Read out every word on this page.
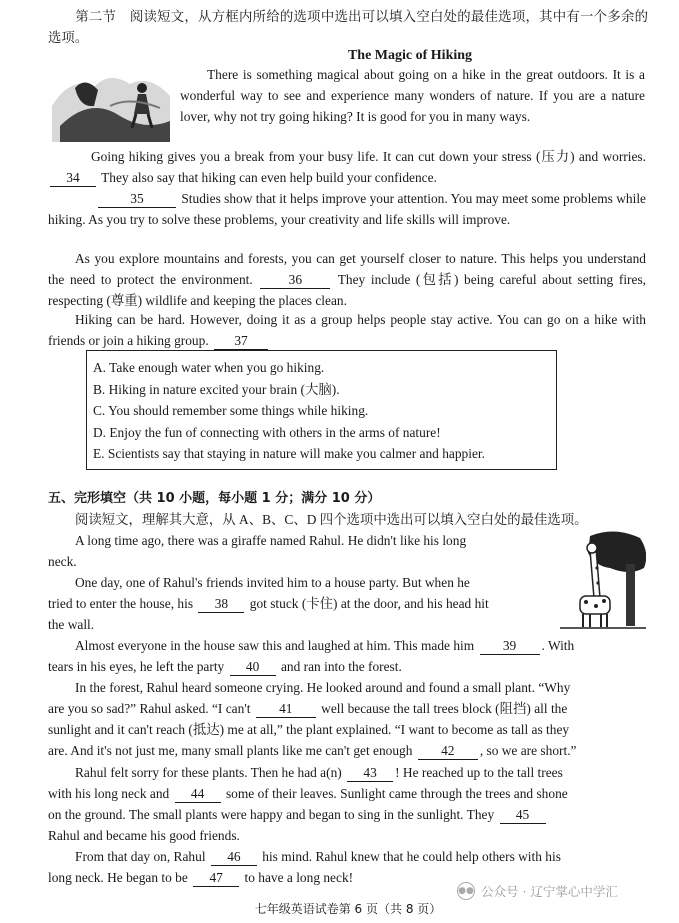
第二节　阅读短文，从方框内所给的选项中选出可以填入空白处的最佳选项，其中有一个多余的选项。
The Magic of Hiking
There is something magical about going on a hike in the great outdoors. It is a wonderful way to see and experience many wonders of nature. If you are a nature lover, why not try going hiking? It is good for you in many ways.
Going hiking gives you a break from your busy life. It can cut down your stress (压力) and worries. 34 They also say that hiking can even help build your confidence.
35	Studies show that it helps improve your attention. You may meet some problems while hiking. As you try to solve these problems, your creativity and life skills will improve.
As you explore mountains and forests, you can get yourself closer to nature. This helps you understand the need to protect the environment.	36	They include (包括) being careful about setting fires, respecting (尊重) wildlife and keeping the places clean.
Hiking can be hard. However, doing it as a group helps people stay active. You can go on a hike with friends or join a hiking group. 37
A. Take enough water when you go hiking.
B. Hiking in nature excited your brain (大脑).
C. You should remember some things while hiking.
D. Enjoy the fun of connecting with others in the arms of nature!
E. Scientists say that staying in nature will make you calmer and happier.
五、完形填空（共 10 小题，每小题 1 分；满分 10 分）
阅读短文，理解其大意，从 A、B、C、D 四个选项中选出可以填入空白处的最佳选项。
A long time ago, there was a giraffe named Rahul. He didn't like his long
neck.
One day, one of Rahul's friends invited him to a house party. But when he
tried to enter the house, his 38 got stuck (卡住) at the door, and his head hit
the wall.
Almost everyone in the house saw this and laughed at him. This made him 39 . With
tears in his eyes, he left the party 40 and ran into the forest.
In the forest, Rahul heard someone crying. He looked around and found a small plant. “Why
are you so sad?” Rahul asked. “I can't 41 well because the tall trees block (阻挡) all the
sunlight and it can't reach (抵达) me at all,” the plant explained. “I want to become as tall as they
are. And it's not just me, many small plants like me can't get enough 42 , so we are short.”
Rahul felt sorry for these plants. Then he had a(n) 43 ! He reached up to the tall trees
with his long neck and 44 some of their leaves. Sunlight came through the trees and shone
on the ground. The small plants were happy and began to sing in the sunlight. They 45
Rahul and became his good friends.
From that day on, Rahul 46 his mind. Rahul knew that he could help others with his
long neck. He began to be 47 to have a long neck!
●● 公众号 · 辽宁掌心中学汇
七年级英语试卷第 6 页（共 8 页）
